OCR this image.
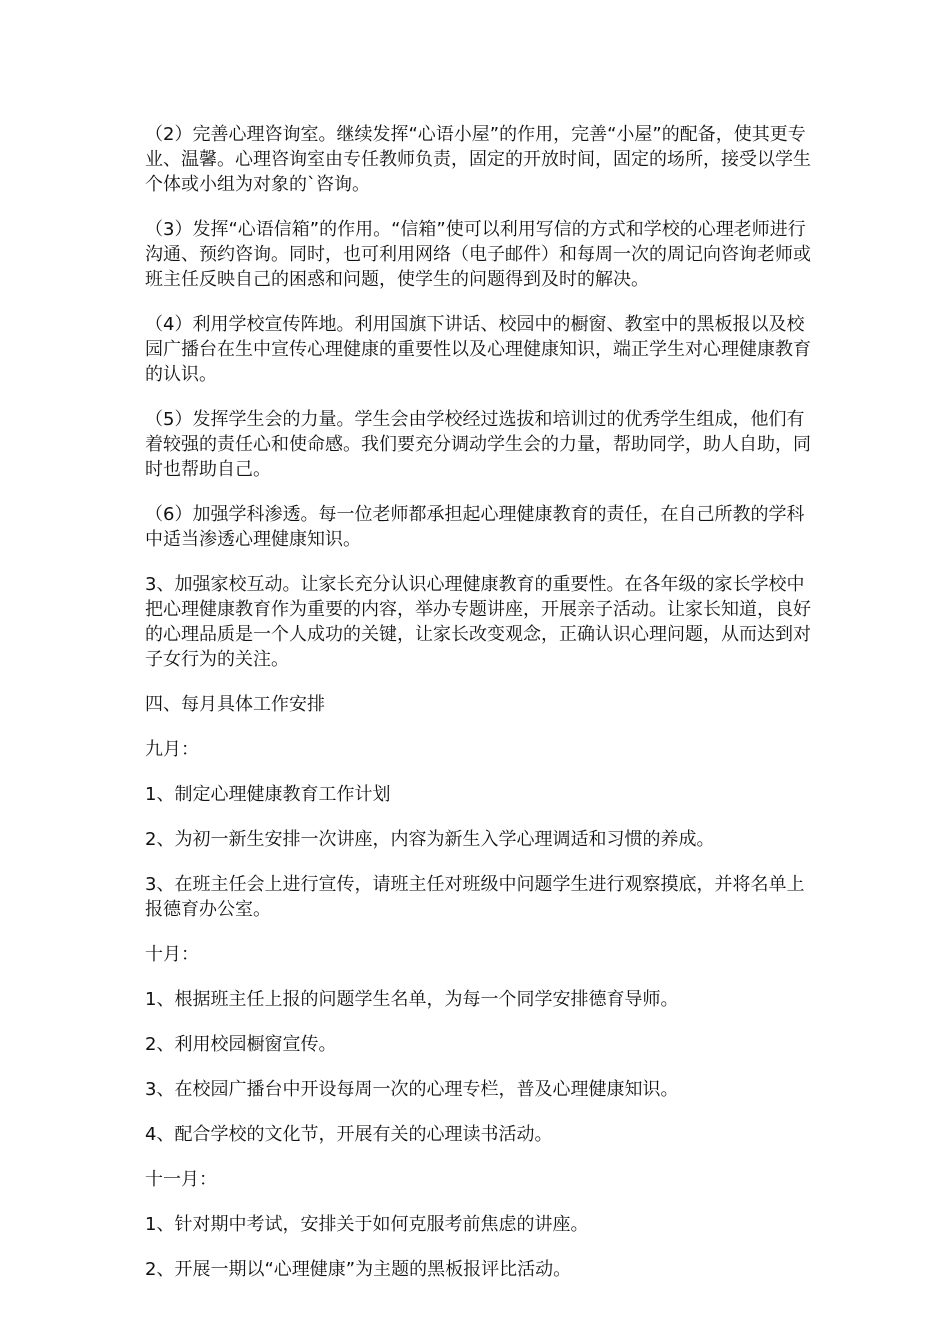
（2）完善心理咨询室。继续发挥“心语小屋”的作用，完善“小屋”的配备，使其更专业、温馨。心理咨询室由专任教师负责，固定的开放时间，固定的场所，接受以学生个体或小组为对象的`咨询。

（3）发挥“心语信箱”的作用。“信箱”使可以利用写信的方式和学校的心理老师进行沟通、预约咨询。同时，也可利用网络（电子邮件）和每周一次的周记向咨询老师或班主任反映自己的困惑和问题，使学生的问题得到及时的解决。

（4）利用学校宣传阵地。利用国旗下讲话、校园中的橱窗、教室中的黑板报以及校园广播台在生中宣传心理健康的重要性以及心理健康知识，端正学生对心理健康教育的认识。

（5）发挥学生会的力量。学生会由学校经过选拔和培训过的优秀学生组成，他们有着较强的责任心和使命感。我们要充分调动学生会的力量，帮助同学，助人自助，同时也帮助自己。

（6）加强学科渗透。每一位老师都承担起心理健康教育的责任，在自己所教的学科中适当渗透心理健康知识。

3、加强家校互动。让家长充分认识心理健康教育的重要性。在各年级的家长学校中把心理健康教育作为重要的内容，举办专题讲座，开展亲子活动。让家长知道，良好的心理品质是一个人成功的关键，让家长改变观念，正确认识心理问题，从而达到对子女行为的关注。

四、每月具体工作安排

九月：

1、制定心理健康教育工作计划

2、为初一新生安排一次讲座，内容为新生入学心理调适和习惯的养成。

3、在班主任会上进行宣传，请班主任对班级中问题学生进行观察摸底，并将名单上报德育办公室。

十月：

1、根据班主任上报的问题学生名单，为每一个同学安排德育导师。

2、利用校园橱窗宣传。

3、在校园广播台中开设每周一次的心理专栏，普及心理健康知识。

4、配合学校的文化节，开展有关的心理读书活动。

十一月：

1、针对期中考试，安排关于如何克服考前焦虑的讲座。

2、开展一期以“心理健康”为主题的黑板报评比活动。
